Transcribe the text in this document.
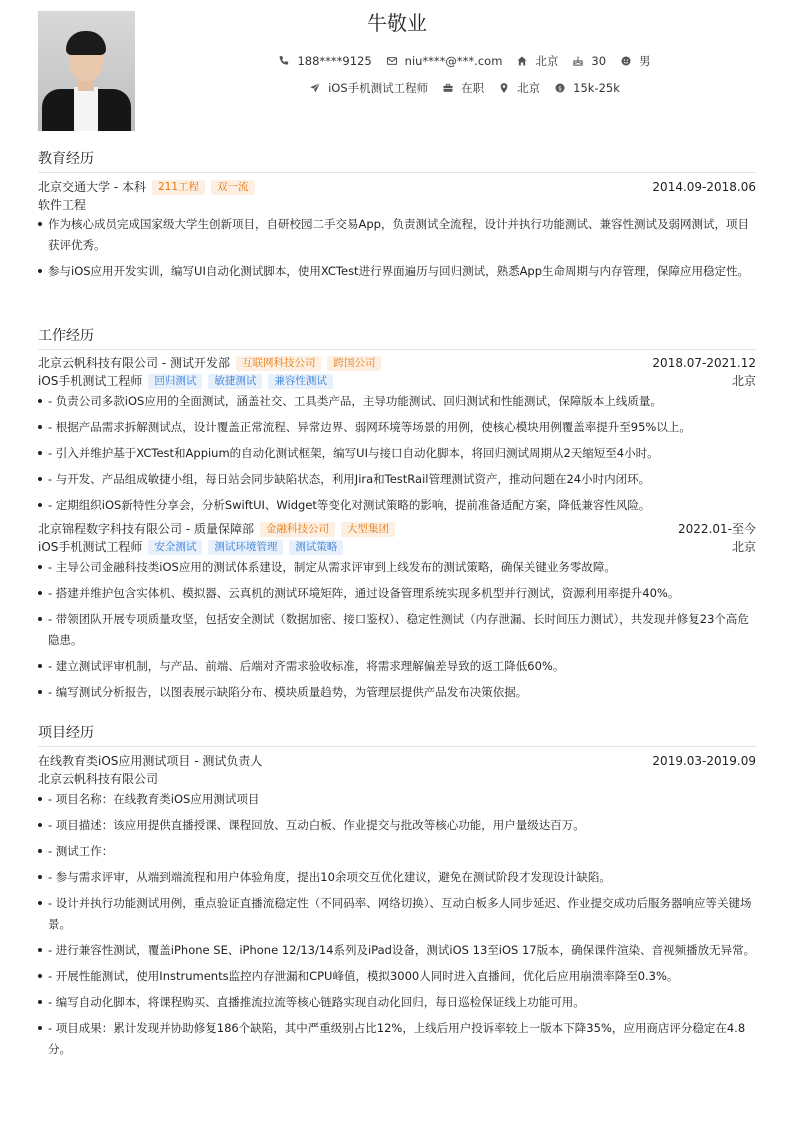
牛敬业
188****9125	niu****@***.com	北京	30	男
iOS手机测试工程师	在职	北京 $ 15k-25k
教育经历
北京交通大学 - 本科	211工程	双一流	2014.09-2018.06
软件工程
作为核心成员完成国家级大学生创新项目，自研校园二手交易App，负责测试全流程，设计并执行功能测试、兼容性测试及弱网测试，项目获评优秀。
参与iOS应用开发实训，编写UI自动化测试脚本，使用XCTest进行界面遍历与回归测试，熟悉App生命周期与内存管理，保障应用稳定性。
工作经历
北京云帆科技有限公司 - 测试开发部	互联网科技公司	跨国公司	2018.07-2021.12
iOS手机测试工程师	回归测试	敏捷测试	兼容性测试	北京
- 负责公司多款iOS应用的全面测试，涵盖社交、工具类产品，主导功能测试、回归测试和性能测试，保障版本上线质量。
- 根据产品需求拆解测试点，设计覆盖正常流程、异常边界、弱网环境等场景的用例，使核心模块用例覆盖率提升至95%以上。
- 引入并维护基于XCTest和Appium的自动化测试框架，编写UI与接口自动化脚本，将回归测试周期从2天缩短至4小时。
- 与开发、产品组成敏捷小组，每日站会同步缺陷状态，利用Jira和TestRail管理测试资产，推动问题在24小时内闭环。
- 定期组织iOS新特性分享会，分析SwiftUI、Widget等变化对测试策略的影响，提前准备适配方案，降低兼容性风险。
北京锦程数字科技有限公司 - 质量保障部	金融科技公司	大型集团	2022.01-至今
iOS手机测试工程师	安全测试	测试环境管理	测试策略	北京
- 主导公司金融科技类iOS应用的测试体系建设，制定从需求评审到上线发布的测试策略，确保关键业务零故障。
- 搭建并维护包含实体机、模拟器、云真机的测试环境矩阵，通过设备管理系统实现多机型并行测试，资源利用率提升40%。
- 带领团队开展专项质量攻坚，包括安全测试（数据加密、接口鉴权）、稳定性测试（内存泄漏、长时间压力测试），共发现并修复23个高危隐患。
- 建立测试评审机制，与产品、前端、后端对齐需求验收标准，将需求理解偏差导致的返工降低60%。
- 编写测试分析报告，以图表展示缺陷分布、模块质量趋势，为管理层提供产品发布决策依据。
项目经历
在线教育类iOS应用测试项目 - 测试负责人	2019.03-2019.09
北京云帆科技有限公司
- 项目名称：在线教育类iOS应用测试项目
- 项目描述：该应用提供直播授课、课程回放、互动白板、作业提交与批改等核心功能，用户量级达百万。
- 测试工作：
- 参与需求评审，从端到端流程和用户体验角度，提出10余项交互优化建议，避免在测试阶段才发现设计缺陷。
- 设计并执行功能测试用例，重点验证直播流稳定性（不同码率、网络切换）、互动白板多人同步延迟、作业提交成功后服务器响应等关键场景。
- 进行兼容性测试，覆盖iPhone SE、iPhone 12/13/14系列及iPad设备，测试iOS 13至iOS 17版本，确保课件渲染、音视频播放无异常。
- 开展性能测试，使用Instruments监控内存泄漏和CPU峰值，模拟3000人同时进入直播间，优化后应用崩溃率降至0.3%。
- 编写自动化脚本，将课程购买、直播推流拉流等核心链路实现自动化回归，每日巡检保证线上功能可用。
- 项目成果：累计发现并协助修复186个缺陷，其中严重级别占比12%，上线后用户投诉率较上一版本下降35%，应用商店评分稳定在4.8分。
